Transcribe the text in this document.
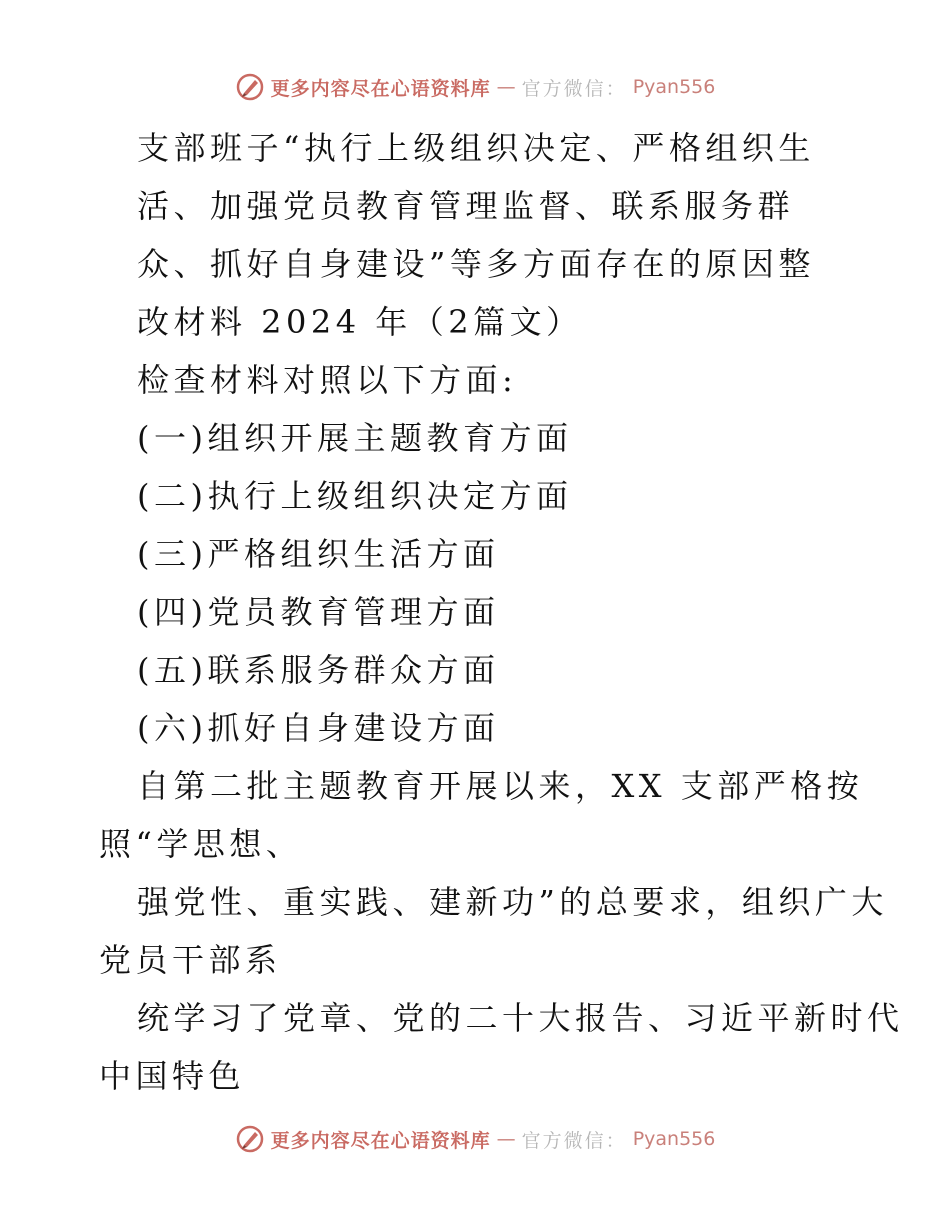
更多内容尽在心语资料库 — 官方微信： Pyan556
支部班子“执行上级组织决定、严格组织生
活、加强党员教育管理监督、联系服务群
众、抓好自身建设”等多方面存在的原因整
改材料 2024 年（2篇文）
检查材料对照以下方面:
(一)组织开展主题教育方面
(二)执行上级组织决定方面
(三)严格组织生活方面
(四)党员教育管理方面
(五)联系服务群众方面
(六)抓好自身建设方面
自第二批主题教育开展以来，XX 支部严格按
照“学思想、
强党性、重实践、建新功”的总要求，组织广大
党员干部系
统学习了党章、党的二十大报告、习近平新时代
中国特色
更多内容尽在心语资料库 — 官方微信： Pyan556
